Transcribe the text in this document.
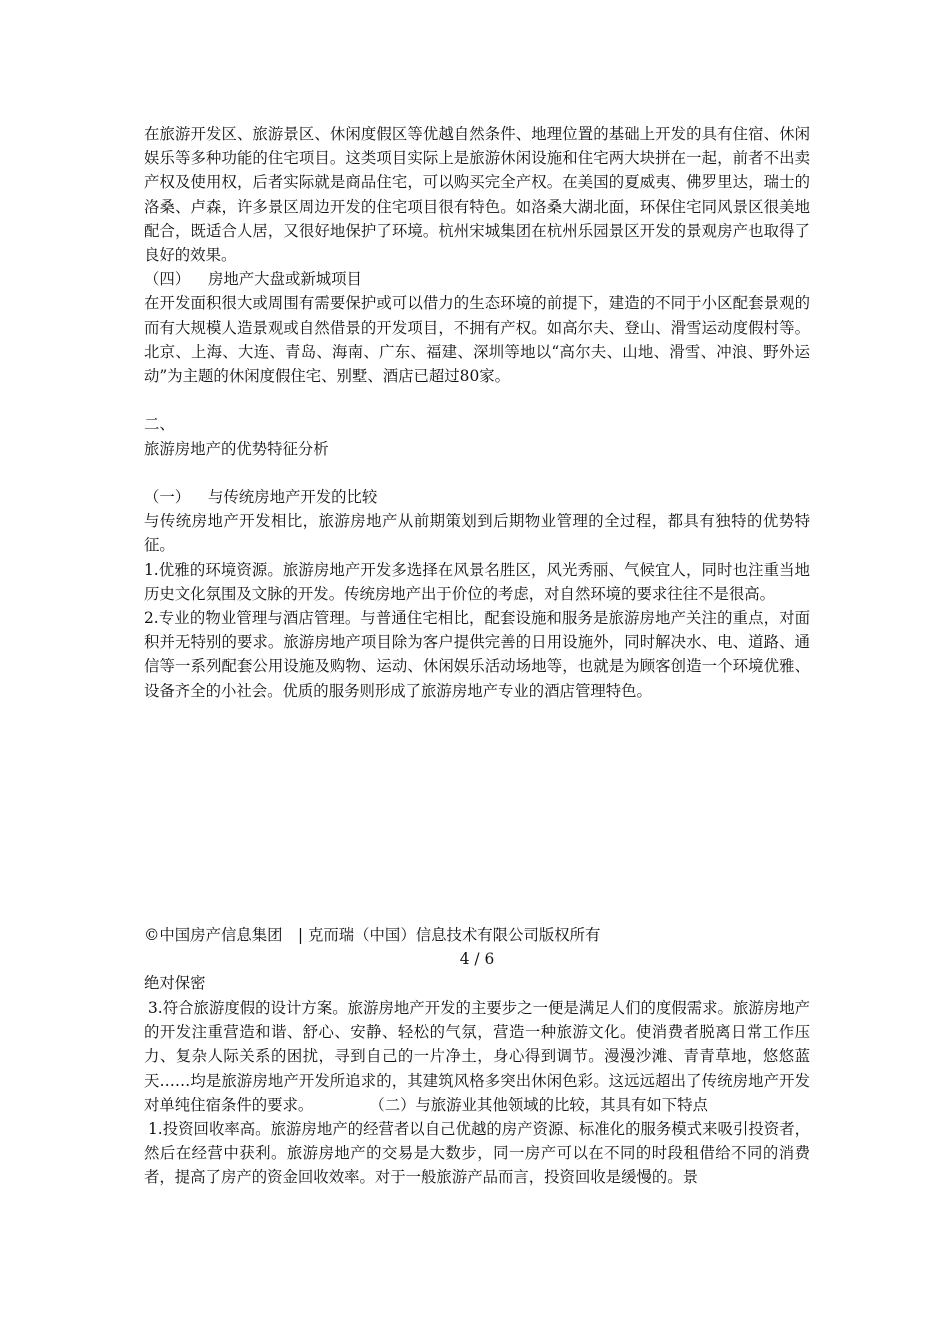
在旅游开发区、旅游景区、休闲度假区等优越自然条件、地理位置的基础上开发的具有住宿、休闲娱乐等多种功能的住宅项目。这类项目实际上是旅游休闲设施和住宅两大块拼在一起，前者不出卖产权及使用权，后者实际就是商品住宅，可以购买完全产权。在美国的夏威夷、佛罗里达，瑞士的洛桑、卢森，许多景区周边开发的住宅项目很有特色。如洛桑大湖北面，环保住宅同风景区很美地配合，既适合人居，又很好地保护了环境。杭州宋城集团在杭州乐园景区开发的景观房产也取得了良好的效果。

（四）	房地产大盘或新城项目

在开发面积很大或周围有需要保护或可以借力的生态环境的前提下，建造的不同于小区配套景观的而有大规模人造景观或自然借景的开发项目，不拥有产权。如高尔夫、登山、滑雪运动度假村等。北京、上海、大连、青岛、海南、广东、福建、深圳等地以“高尔夫、山地、滑雪、冲浪、野外运动”为主题的休闲度假住宅、别墅、酒店已超过80家。

二、

旅游房地产的优势特征分析

（一）	与传统房地产开发的比较

与传统房地产开发相比，旅游房地产从前期策划到后期物业管理的全过程，都具有独特的优势特征。

1.优雅的环境资源。旅游房地产开发多选择在风景名胜区，风光秀丽、气候宜人，同时也注重当地历史文化氛围及文脉的开发。传统房地产出于价位的考虑，对自然环境的要求往往不是很高。

2.专业的物业管理与酒店管理。与普通住宅相比，配套设施和服务是旅游房地产关注的重点，对面积并无特别的要求。旅游房地产项目除为客户提供完善的日用设施外，同时解决水、电、道路、通信等一系列配套公用设施及购物、运动、休闲娱乐活动场地等，也就是为顾客创造一个环境优雅、设备齐全的小社会。优质的服务则形成了旅游房地产专业的酒店管理特色。

©中国房产信息集团　| 克而瑞（中国）信息技术有限公司版权所有
4 / 6
绝对保密

3.符合旅游度假的设计方案。旅游房地产开发的主要步之一便是满足人们的度假需求。旅游房地产的开发注重营造和谐、舒心、安静、轻松的气氛，营造一种旅游文化。使消费者脱离日常工作压力、复杂人际关系的困扰，寻到自己的一片净土，身心得到调节。漫漫沙滩、青青草地，悠悠蓝天……均是旅游房地产开发所追求的，其建筑风格多突出休闲色彩。这远远超出了传统房地产开发对单纯住宿条件的要求。	（二）与旅游业其他领域的比较，其具有如下特点

1.投资回收率高。旅游房地产的经营者以自己优越的房产资源、标准化的服务模式来吸引投资者，然后在经营中获利。旅游房地产的交易是大数步，同一房产可以在不同的时段租借给不同的消费者，提高了房产的资金回收效率。对于一般旅游产品而言，投资回收是缓慢的。景
